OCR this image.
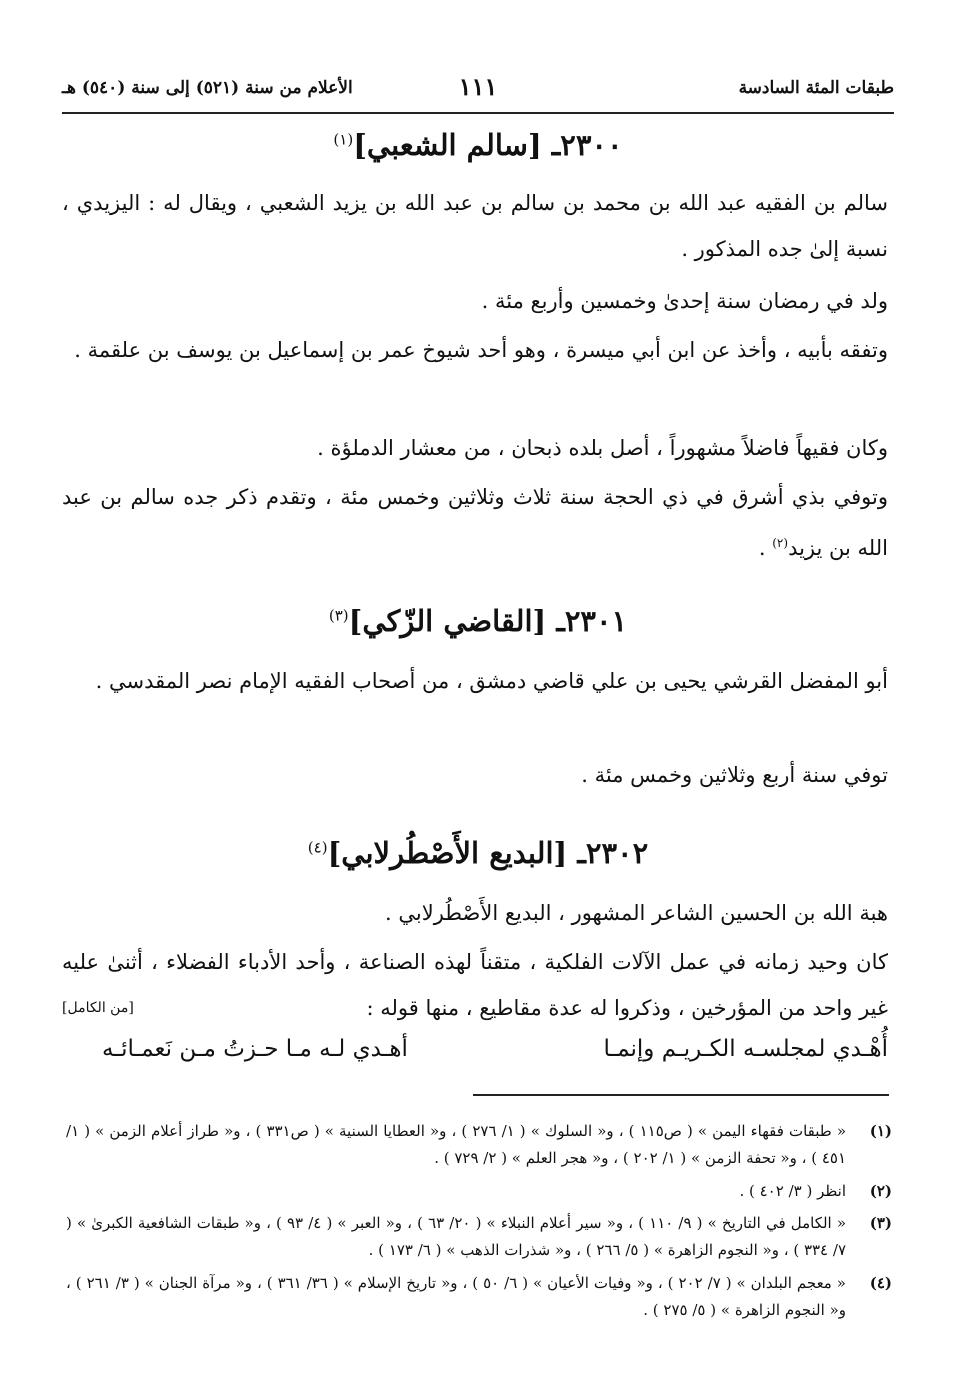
طبقات المئة السادسة
١١١
الأعلام من سنة (٥٢١) إلى سنة (٥٤٠) هـ
٢٣٠٠ـ [سالم الشعبي]$^{(١)}$
سالم بن الفقيه عبد الله بن محمد بن سالم بن عبد الله بن يزيد الشعبي ، ويقال له : اليزيدي ، نسبة إلىٰ جده المذكور .
ولد في رمضان سنة إحدىٰ وخمسين وأربع مئة .
وتفقه بأبيه ، وأخذ عن ابن أبي ميسرة ، وهو أحد شيوخ عمر بن إسماعيل بن يوسف بن علقمة .
وكان فقيهاً فاضلاً مشهوراً ، أصل بلده ذبحان ، من معشار الدملؤة .
وتوفي بذي أشرق في ذي الحجة سنة ثلاث وثلاثين وخمس مئة ، وتقدم ذكر جده سالم بن عبد الله بن يزيد$^{(٢)}$ .
٢٣٠١ـ [القاضي الزّكي]$^{(٣)}$
أبو المفضل القرشي يحيى بن علي قاضي دمشق ، من أصحاب الفقيه الإمام نصر المقدسي .
توفي سنة أربع وثلاثين وخمس مئة .
٢٣٠٢ـ [البديع الأَصْطُرلابي]$^{(٤)}$
هبة الله بن الحسين الشاعر المشهور ، البديع الأَصْطُرلابي .
كان وحيد زمانه في عمل الآلات الفلكية ، متقناً لهذه الصناعة ، وأحد الأدباء الفضلاء ، أثنىٰ عليه غير واحد من المؤرخين ، وذكروا له عدة مقاطيع ، منها قوله :
[من الكامل]
أُهْـدي لمجلسـه الكـريـم وإنمـا
أهـدي لـه مـا حـزتُ مـن نَعمـائـه
(١)
« طبقات فقهاء اليمن » ( ص١١٥ ) ، و« السلوك » ( ١/ ٢٧٦ ) ، و« العطايا السنية » ( ص٣٣١ ) ، و« طراز أعلام الزمن » ( ١/ ٤٥١ ) ، و« تحفة الزمن » ( ١/ ٢٠٢ ) ، و« هجر العلم » ( ٢/ ٧٢٩ ) .
(٢)
انظر ( ٣/ ٤٠٢ ) .
(٣)
« الكامل في التاريخ » ( ٩/ ١١٠ ) ، و« سير أعلام النبلاء » ( ٢٠/ ٦٣ ) ، و« العبر » ( ٤/ ٩٣ ) ، و« طبقات الشافعية الكبرىٰ » ( ٧/ ٣٣٤ ) ، و« النجوم الزاهرة » ( ٥/ ٢٦٦ ) ، و« شذرات الذهب » ( ٦/ ١٧٣ ) .
(٤)
« معجم البلدان » ( ٧/ ٢٠٢ ) ، و« وفيات الأعيان » ( ٦/ ٥٠ ) ، و« تاريخ الإسلام » ( ٣٦/ ٣٦١ ) ، و« مرآة الجنان » ( ٣/ ٢٦١ ) ، و« النجوم الزاهرة » ( ٥/ ٢٧٥ ) .
